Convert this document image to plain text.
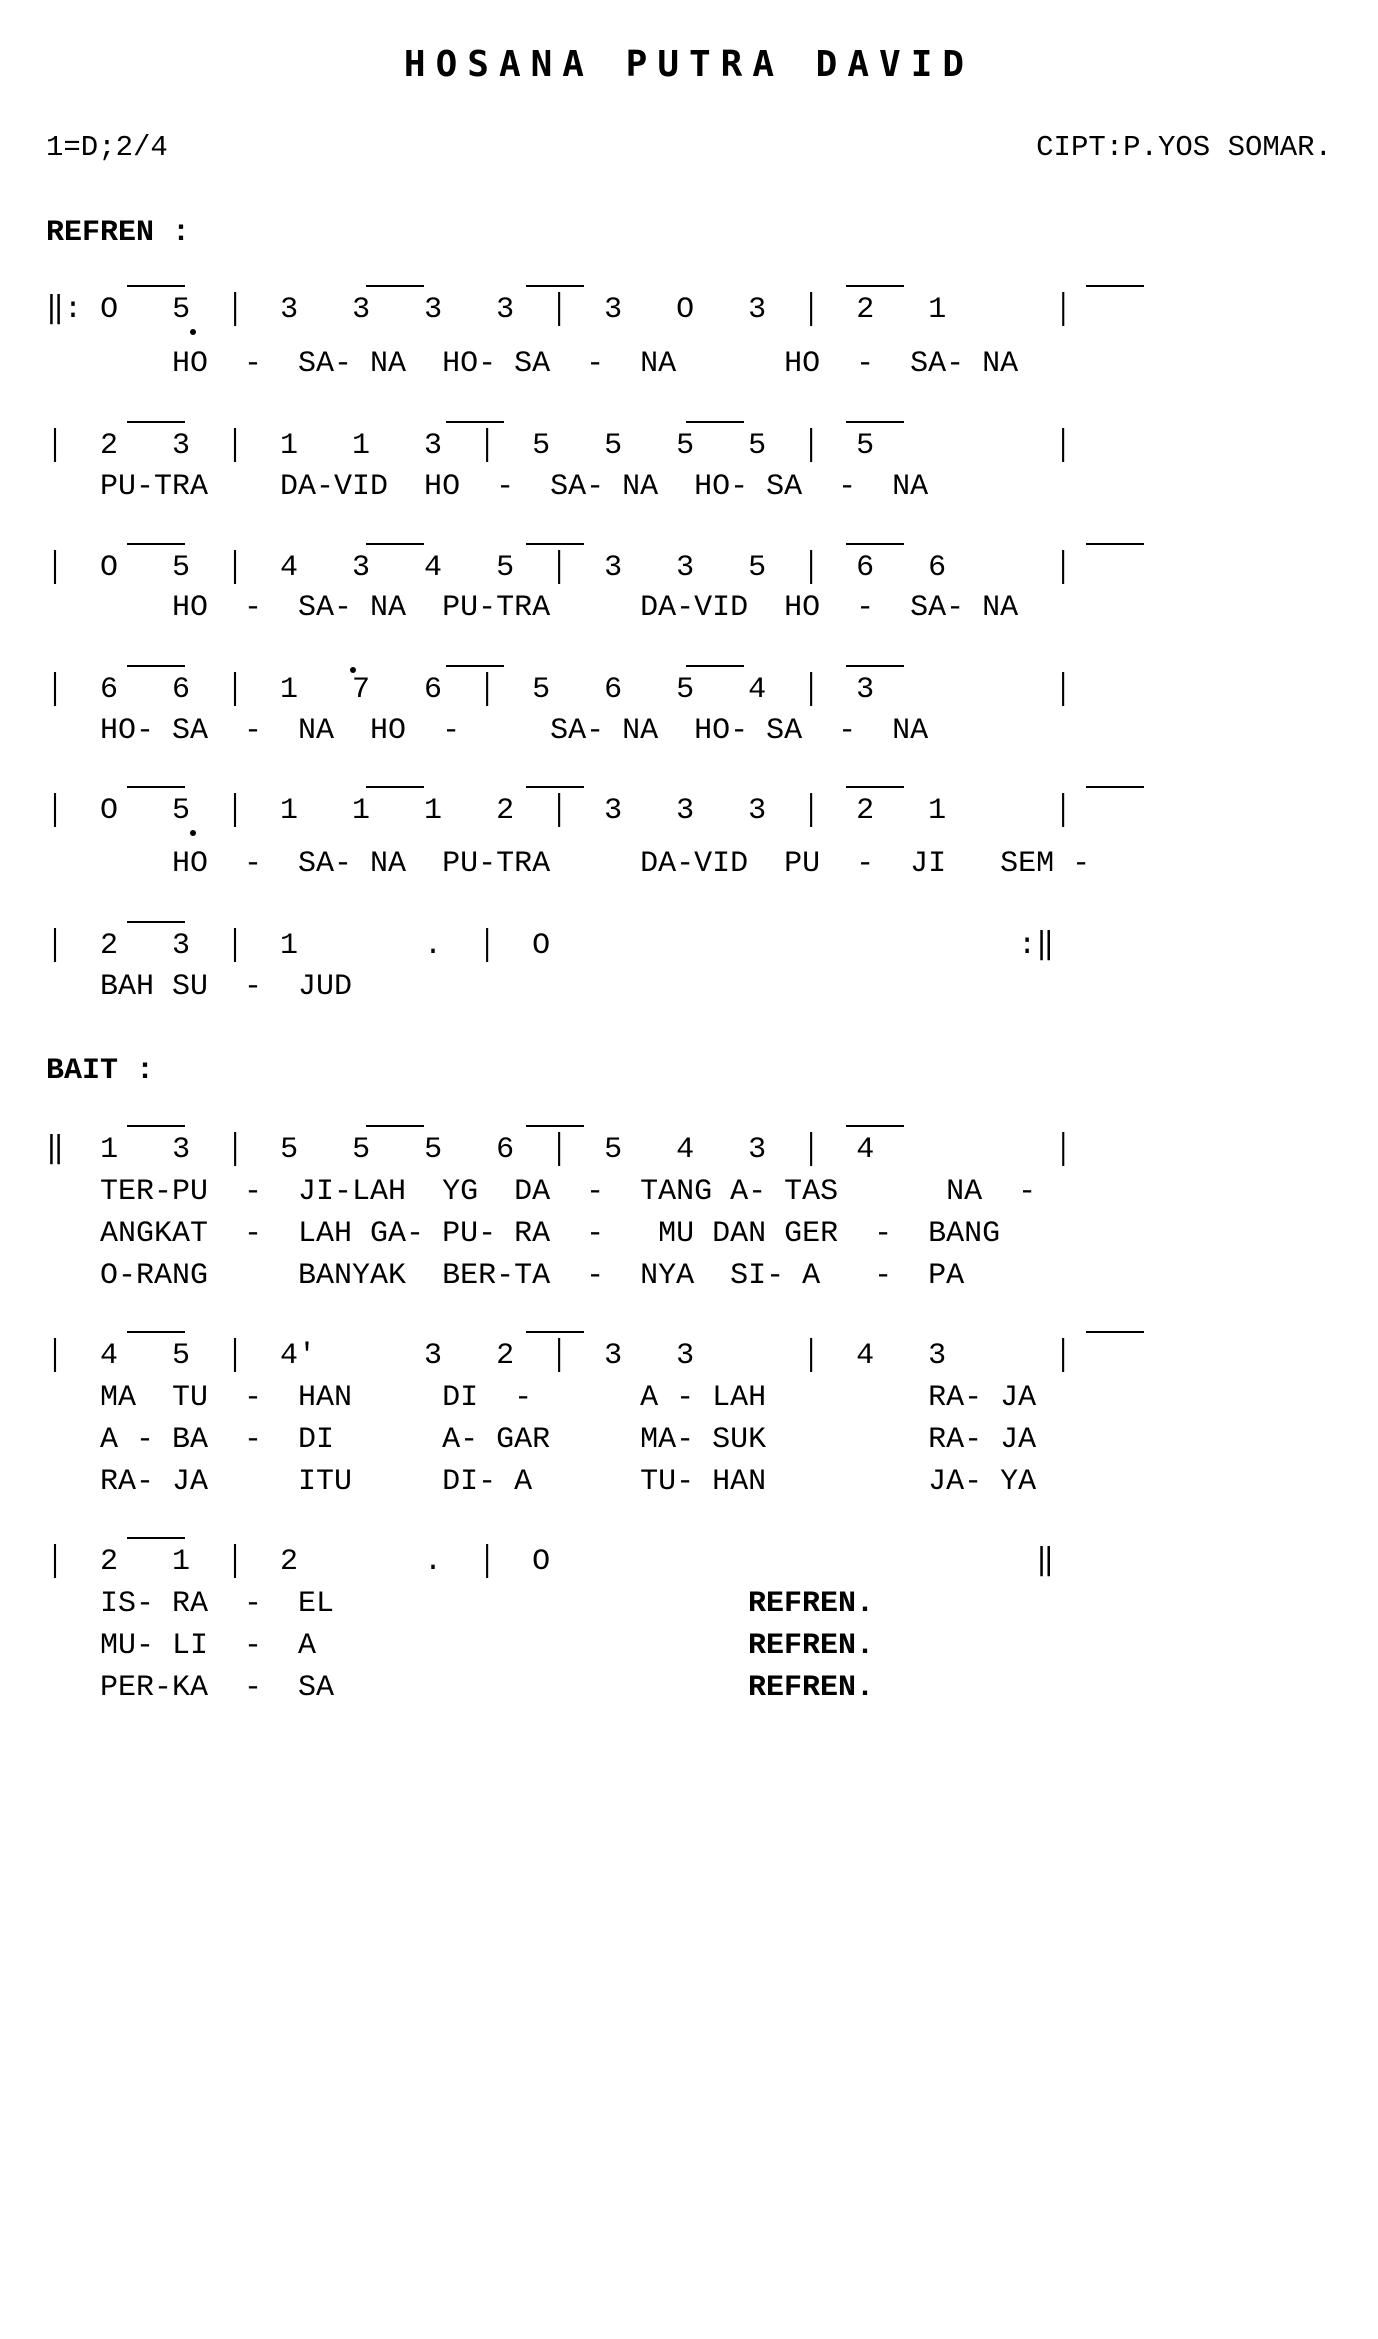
HOSANA PUTRA DAVID
1=D;2/4	CIPT:P.YOS SOMAR.
REFREN :
‖: O   5  │  3   3   3   3  │  3   O   3  │  2   1      │
HO  -  SA- NA  HO- SA  -  NA      HO  -  SA- NA
│  2   3  │  1   1   3  │  5   5   5   5  │  5          │
PU-TRA    DA-VID  HO  -  SA- NA  HO- SA  -  NA
│  O   5  │  4   3   4   5  │  3   3   5  │  6   6      │
HO  -  SA- NA  PU-TRA     DA-VID  HO  -  SA- NA
│  6   6  │  1   7   6  │  5   6   5   4  │  3          │
HO- SA  -  NA  HO  -     SA- NA  HO- SA  -  NA
│  O   5  │  1   1   1   2  │  3   3   3  │  2   1      │
HO  -  SA- NA  PU-TRA     DA-VID  PU  -  JI   SEM -
│  2   3  │  1       .  │  O                          :‖
BAH SU  -  JUD
BAIT :
‖  1   3  │  5   5   5   6  │  5   4   3  │  4          │
TER-PU  -  JI-LAH  YG  DA  -  TANG A- TAS      NA  -
ANGKAT  -  LAH GA- PU- RA  -   MU DAN GER  -  BANG
O-RANG     BANYAK  BER-TA  -  NYA  SI- A   -  PA
│  4   5  │  4'      3   2  │  3   3      │  4   3      │
MA  TU  -  HAN     DI  -      A - LAH         RA- JA
A - BA  -  DI      A- GAR     MA- SUK         RA- JA
RA- JA     ITU     DI- A      TU- HAN         JA- YA
│  2   1  │  2       .  │  O                           ‖
IS- RA  -  EL
MU- LI  -  A
PER-KA  -  SA
REFREN.
REFREN.
REFREN.
